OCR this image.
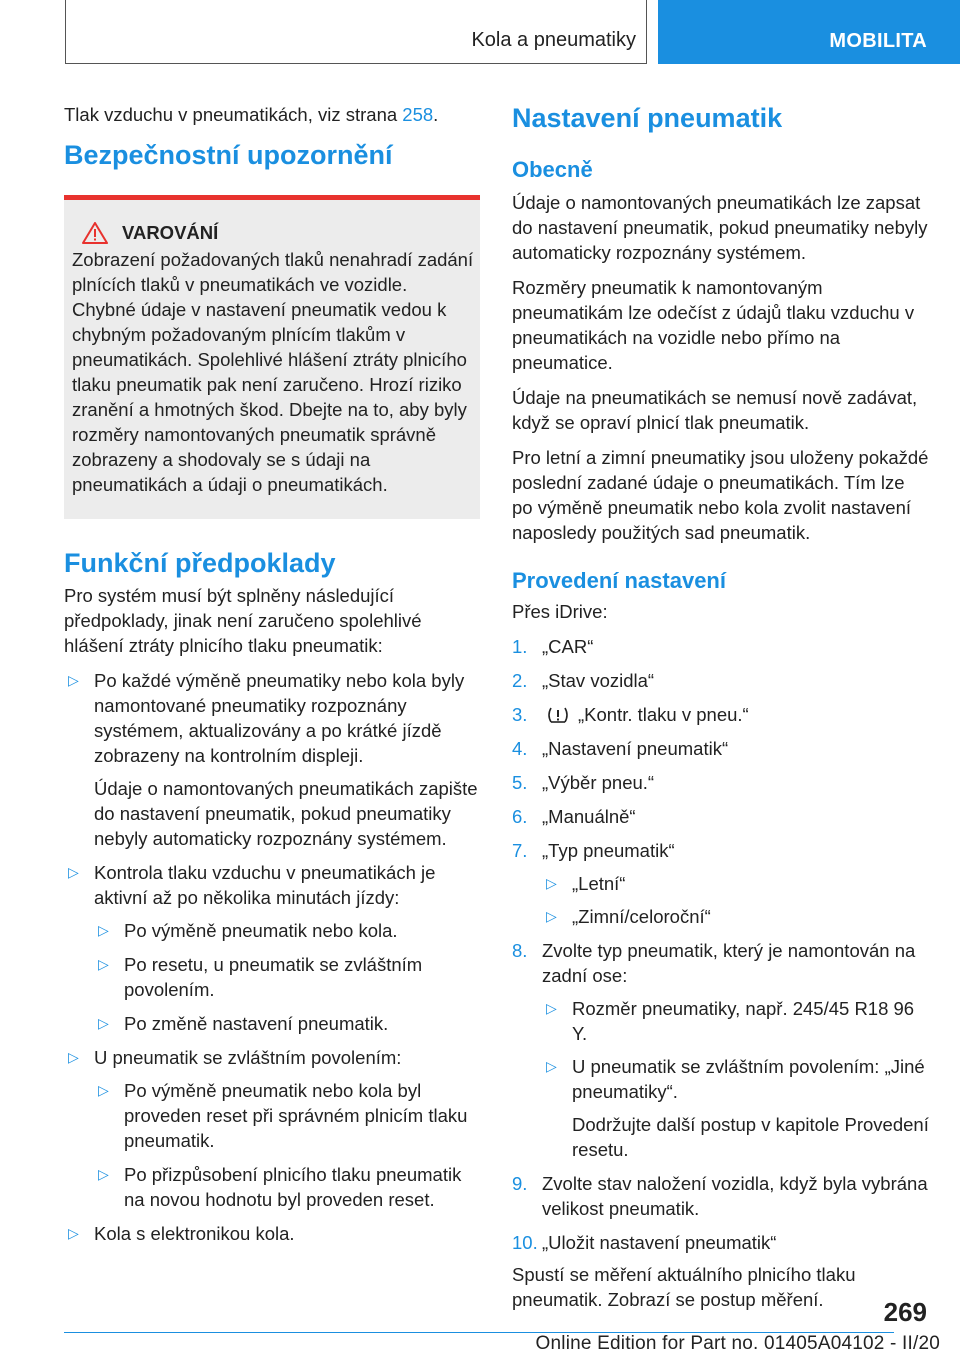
Kola a pneumatiky	MOBILITA

Tlak vzduchu v pneumatikách, viz strana 258.

Bezpečnostní upozornění
VAROVÁNÍ
Zobrazení požadovaných tlaků nenahradí zadání plnících tlaků v pneumatikách ve vozidle. Chybné údaje v nastavení pneumatik vedou k chybným požadovaným plnícím tlakům v pneumatikách. Spolehlivé hlášení ztráty plnicího tlaku pneumatik pak není zaručeno. Hrozí riziko zranění a hmotných škod. Dbejte na to, aby byly rozměry namontovaných pneumatik správně zobrazeny a shodovaly se s údaji na pneumatikách a údaji o pneumatikách.
Funkční předpoklady

Pro systém musí být splněny následující předpoklady, jinak není zaručeno spolehlivé hlášení ztráty plnicího tlaku pneumatik:

▷ Po každé výměně pneumatiky nebo kola byly namontované pneumatiky rozpoznány systémem, aktualizovány a po krátké jízdě zobrazeny na kontrolním displeji.

Údaje o namontovaných pneumatikách zapište do nastavení pneumatik, pokud pneumatiky nebyly automaticky rozpoznány systémem.

▷ Kontrola tlaku vzduchu v pneumatikách je aktivní až po několika minutách jízdy:
▷ Po výměně pneumatik nebo kola.
▷ Po resetu, u pneumatik se zvláštním povolením.
▷ Po změně nastavení pneumatik.
▷ U pneumatik se zvláštním povolením:
▷ Po výměně pneumatik nebo kola byl proveden reset při správném plnicím tlaku pneumatik.
▷ Po přizpůsobení plnicího tlaku pneumatik na novou hodnotu byl proveden reset.
▷ Kola s elektronikou kola.
Nastavení pneumatik
Obecně

Údaje o namontovaných pneumatikách lze zapsat do nastavení pneumatik, pokud pneumatiky nebyly automaticky rozpoznány systémem.

Rozměry pneumatik k namontovaným pneumatikám lze odečíst z údajů tlaku vzduchu v pneumatikách na vozidle nebo přímo na pneumatice.

Údaje na pneumatikách se nemusí nově zadávat, když se opraví plnicí tlak pneumatik.

Pro letní a zimní pneumatiky jsou uloženy pokaždé poslední zadané údaje o pneumatikách. Tím lze po výměně pneumatik nebo kola zvolit nastavení naposledy použitých sad pneumatik.

Provedení nastavení

Přes iDrive:

1. „CAR“
2. „Stav vozidla“
3.	„Kontr. tlaku v pneu.“
4. „Nastavení pneumatik“
5. „Výběr pneu.“
6. „Manuálně“
7. „Typ pneumatik“
▷ „Letní“
▷ „Zimní/celoroční“
8. Zvolte typ pneumatik, který je namontován na zadní ose:
▷ Rozměr pneumatiky, např. 245/45 R18 96 Y.
▷ U pneumatik se zvláštním povolením: „Jiné pneumatiky“.

Dodržujte další postup v kapitole Provedení resetu.

9. Zvolte stav naložení vozidla, když byla vybrána velikost pneumatik.
10. „Uložit nastavení pneumatik“

Spustí se měření aktuálního plnicího tlaku pneumatik. Zobrazí se postup měření.	269
Online Edition for Part no. 01405A04102 - II/20
